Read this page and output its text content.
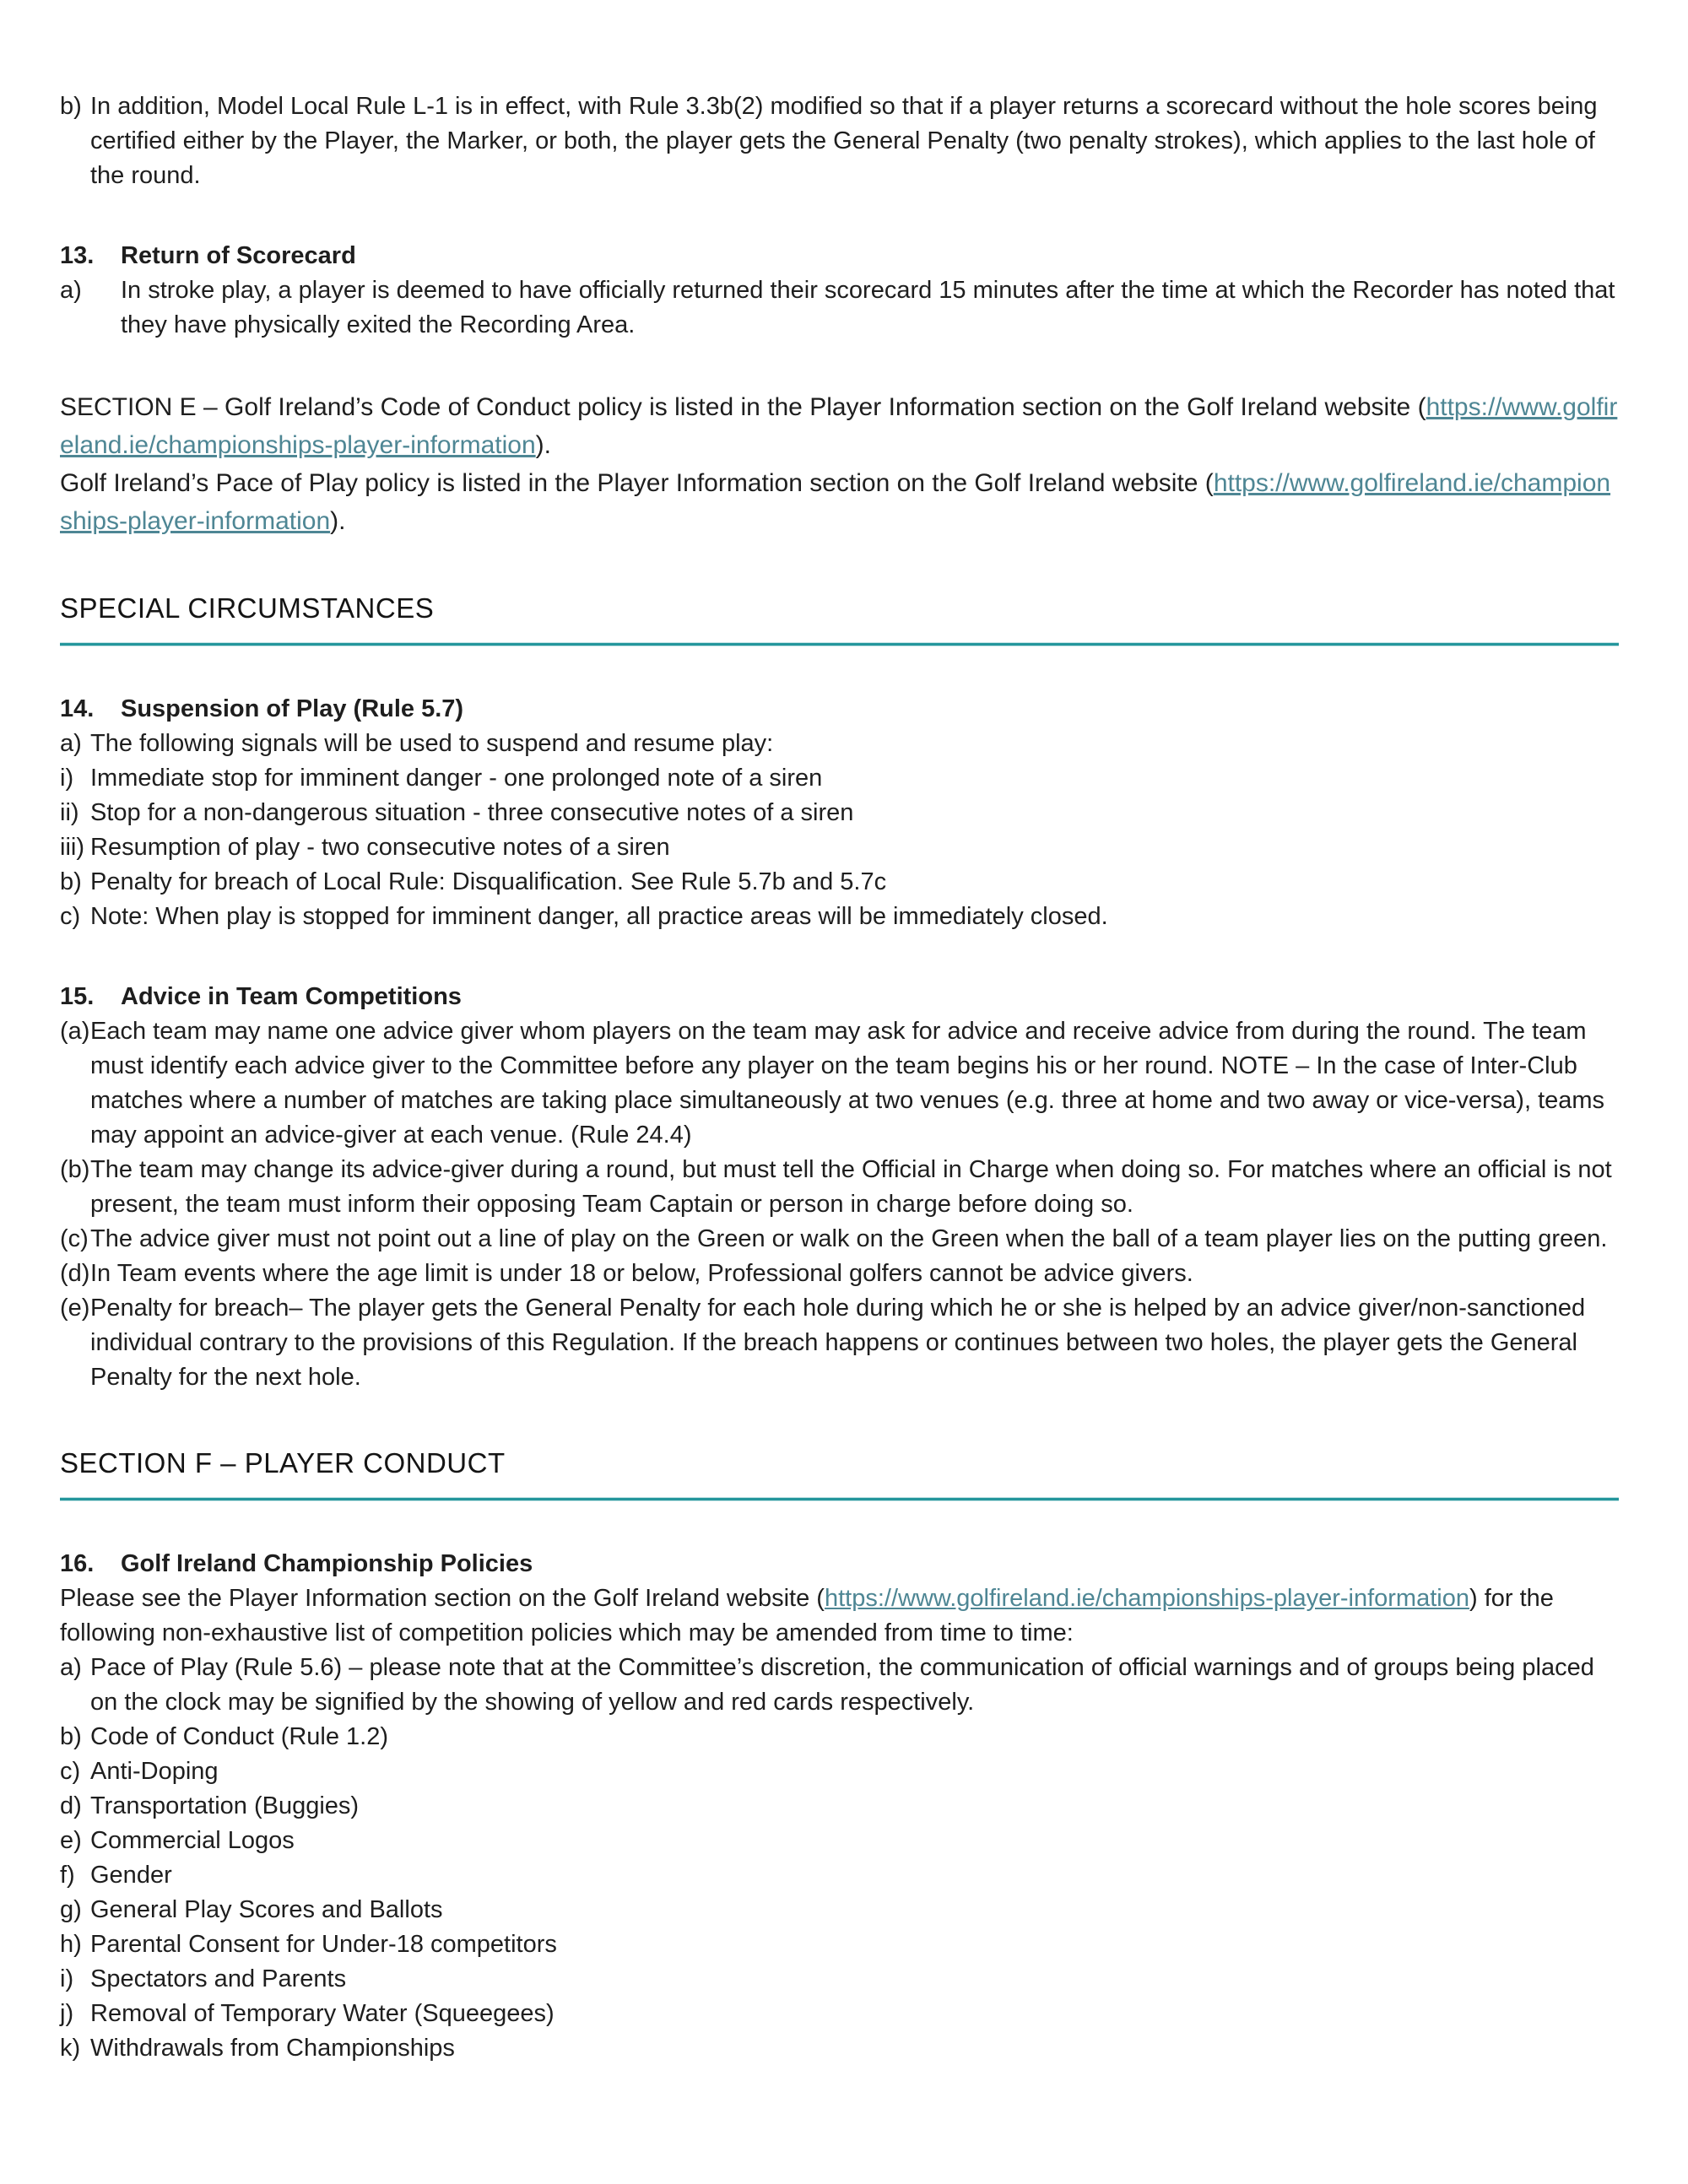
b) In addition, Model Local Rule L-1 is in effect, with Rule 3.3b(2) modified so that if a player returns a scorecard without the hole scores being certified either by the Player, the Marker, or both, the player gets the General Penalty (two penalty strokes), which applies to the last hole of the round.
13.	Return of Scorecard
a)	In stroke play, a player is deemed to have officially returned their scorecard 15 minutes after the time at which the Recorder has noted that they have physically exited the Recording Area.
SECTION E – Golf Ireland’s Code of Conduct policy is listed in the Player Information section on the Golf Ireland website (https://www.golfireland.ie/championships-player-information).
Golf Ireland’s Pace of Play policy is listed in the Player Information section on the Golf Ireland website (https://www.golfireland.ie/championships-player-information).
SPECIAL CIRCUMSTANCES
14.	Suspension of Play (Rule 5.7)
a) The following signals will be used to suspend and resume play:
i) Immediate stop for imminent danger - one prolonged note of a siren
ii) Stop for a non-dangerous situation - three consecutive notes of a siren
iii) Resumption of play - two consecutive notes of a siren
b) Penalty for breach of Local Rule: Disqualification. See Rule 5.7b and 5.7c
c) Note: When play is stopped for imminent danger, all practice areas will be immediately closed.
15.	Advice in Team Competitions
(a) Each team may name one advice giver whom players on the team may ask for advice and receive advice from during the round. The team must identify each advice giver to the Committee before any player on the team begins his or her round. NOTE – In the case of Inter-Club matches where a number of matches are taking place simultaneously at two venues (e.g. three at home and two away or vice-versa), teams may appoint an advice-giver at each venue. (Rule 24.4)
(b) The team may change its advice-giver during a round, but must tell the Official in Charge when doing so. For matches where an official is not present, the team must inform their opposing Team Captain or person in charge before doing so.
(c) The advice giver must not point out a line of play on the Green or walk on the Green when the ball of a team player lies on the putting green.
(d) In Team events where the age limit is under 18 or below, Professional golfers cannot be advice givers.
(e) Penalty for breach– The player gets the General Penalty for each hole during which he or she is helped by an advice giver/non-sanctioned individual contrary to the provisions of this Regulation. If the breach happens or continues between two holes, the player gets the General Penalty for the next hole.
SECTION F – PLAYER CONDUCT
16.	Golf Ireland Championship Policies
Please see the Player Information section on the Golf Ireland website (https://www.golfireland.ie/championships-player-information) for the following non-exhaustive list of competition policies which may be amended from time to time:
a) Pace of Play (Rule 5.6) – please note that at the Committee’s discretion, the communication of official warnings and of groups being placed on the clock may be signified by the showing of yellow and red cards respectively.
b) Code of Conduct (Rule 1.2)
c) Anti-Doping
d) Transportation (Buggies)
e) Commercial Logos
f) Gender
g) General Play Scores and Ballots
h) Parental Consent for Under-18 competitors
i) Spectators and Parents
j) Removal of Temporary Water (Squeegees)
k) Withdrawals from Championships
